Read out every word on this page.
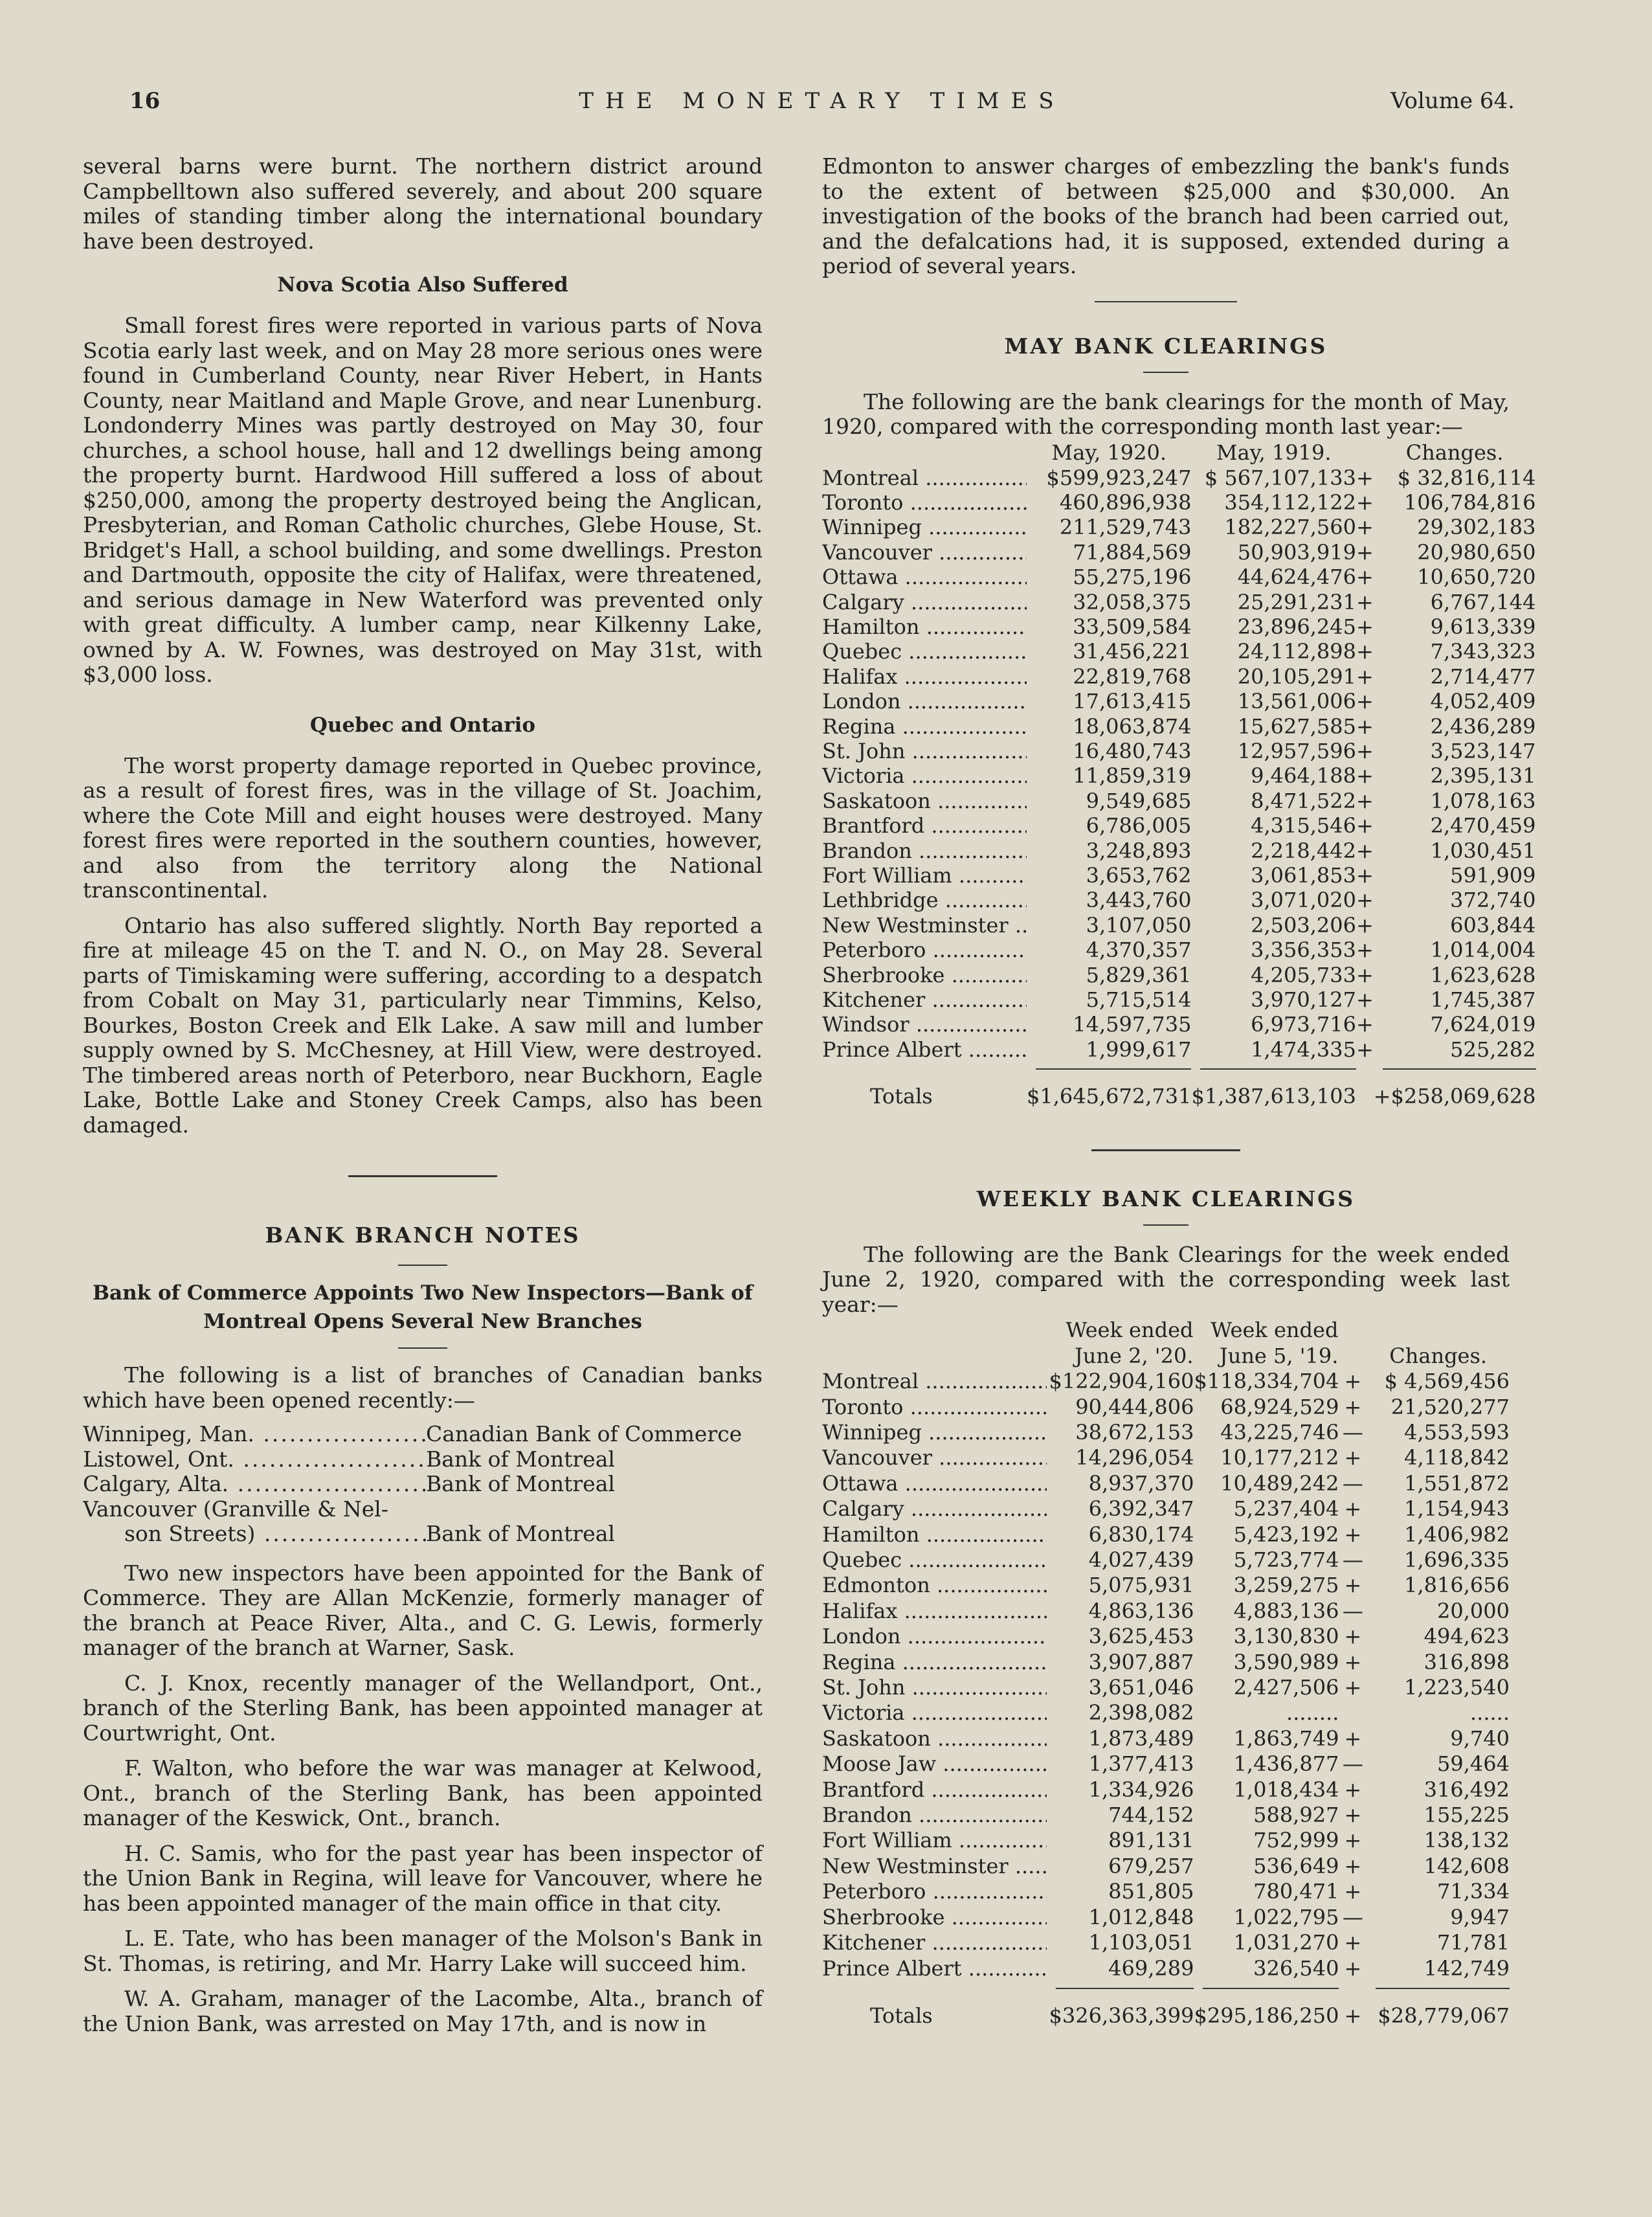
16	THE MONETARY TIMES	Volume 64.

several barns were burnt. The northern district around Campbelltown also suffered severely, and about 200 square miles of standing timber along the international boundary have been destroyed.

Nova Scotia Also Suffered

Small forest fires were reported in various parts of Nova Scotia early last week, and on May 28 more serious ones were found in Cumberland County, near River Hebert, in Hants County, near Maitland and Maple Grove, and near Lunenburg. Londonderry Mines was partly destroyed on May 30, four churches, a school house, hall and 12 dwellings being among the property burnt. Hardwood Hill suffered a loss of about $250,000, among the property destroyed being the Anglican, Presbyterian, and Roman Catholic churches, Glebe House, St. Bridget's Hall, a school building, and some dwellings. Preston and Dartmouth, opposite the city of Halifax, were threatened, and serious damage in New Waterford was prevented only with great difficulty. A lumber camp, near Kilkenny Lake, owned by A. W. Fownes, was destroyed on May 31st, with $3,000 loss.

Quebec and Ontario

The worst property damage reported in Quebec province, as a result of forest fires, was in the village of St. Joachim, where the Cote Mill and eight houses were destroyed. Many forest fires were reported in the southern counties, however, and also from the territory along the National transcontinental.

Ontario has also suffered slightly. North Bay reported a fire at mileage 45 on the T. and N. O., on May 28. Several parts of Timiskaming were suffering, according to a despatch from Cobalt on May 31, particularly near Timmins, Kelso, Bourkes, Boston Creek and Elk Lake. A saw mill and lumber supply owned by S. McChesney, at Hill View, were destroyed. The timbered areas north of Peterboro, near Buckhorn, Eagle Lake, Bottle Lake and Stoney Creek Camps, also has been damaged.

BANK BRANCH NOTES
Bank of Commerce Appoints Two New Inspectors—Bank of
Montreal Opens Several New Branches

The following is a list of branches of Canadian banks which have been opened recently:—

Winnipeg, Man. .....	Canadian Bank of Commerce
Listowel, Ont. .....	Bank of Montreal
Calgary, Alta. .....	Bank of Montreal
Vancouver (Granville & Nel-
son Streets) .....	Bank of Montreal

Two new inspectors have been appointed for the Bank of Commerce. They are Allan McKenzie, formerly manager of the branch at Peace River, Alta., and C. G. Lewis, formerly manager of the branch at Warner, Sask.

C. J. Knox, recently manager of the Wellandport, Ont., branch of the Sterling Bank, has been appointed manager at Courtwright, Ont.

F. Walton, who before the war was manager at Kelwood, Ont., branch of the Sterling Bank, has been appointed manager of the Keswick, Ont., branch.

H. C. Samis, who for the past year has been inspector of the Union Bank in Regina, will leave for Vancouver, where he has been appointed manager of the main office in that city.

L. E. Tate, who has been manager of the Molson's Bank in St. Thomas, is retiring, and Mr. Harry Lake will succeed him.

W. A. Graham, manager of the Lacombe, Alta., branch of the Union Bank, was arrested on May 17th, and is now in

Edmonton to answer charges of embezzling the bank's funds to the extent of between $25,000 and $30,000. An investigation of the books of the branch had been carried out, and the defalcations had, it is supposed, extended during a period of several years.

MAY BANK CLEARINGS

The following are the bank clearings for the month of May, 1920, compared with the corresponding month last year:—

	May, 1920.	May, 1919.		Changes.
Montreal .....	$599,923,247	$ 567,107,133	+	$ 32,816,114
Toronto .....	460,896,938	354,112,122	+	106,784,816
Winnipeg .....	211,529,743	182,227,560	+	29,302,183
Vancouver .....	71,884,569	50,903,919	+	20,980,650
Ottawa .....	55,275,196	44,624,476	+	10,650,720
Calgary .....	32,058,375	25,291,231	+	6,767,144
Hamilton .....	33,509,584	23,896,245	+	9,613,339
Quebec .....	31,456,221	24,112,898	+	7,343,323
Halifax .....	22,819,768	20,105,291	+	2,714,477
London .....	17,613,415	13,561,006	+	4,052,409
Regina .....	18,063,874	15,627,585	+	2,436,289
St. John .....	16,480,743	12,957,596	+	3,523,147
Victoria .....	11,859,319	9,464,188	+	2,395,131
Saskatoon .....	9,549,685	8,471,522	+	1,078,163
Brantford .....	6,786,005	4,315,546	+	2,470,459
Brandon .....	3,248,893	2,218,442	+	1,030,451
Fort William .....	3,653,762	3,061,853	+	591,909
Lethbridge .....	3,443,760	3,071,020	+	372,740
New Westminster .....	3,107,050	2,503,206	+	603,844
Peterboro .....	4,370,357	3,356,353	+	1,014,004
Sherbrooke .....	5,829,361	4,205,733	+	1,623,628
Kitchener .....	5,715,514	3,970,127	+	1,745,387
Windsor .....	14,597,735	6,973,716	+	7,624,019
Prince Albert .....	1,999,617	1,474,335	+	525,282

Totals	$1,645,672,731	$1,387,613,103		+$258,069,628
WEEKLY BANK CLEARINGS

The following are the Bank Clearings for the week ended June 2, 1920, compared with the corresponding week last year:—

	Week ended	Week ended		
	June 2, '20.	June 5, '19.		Changes.
Montreal .....	$122,904,160	$118,334,704	+	$ 4,569,456
Toronto .....	90,444,806	68,924,529	+	21,520,277
Winnipeg .....	38,672,153	43,225,746	—	4,553,593
Vancouver .....	14,296,054	10,177,212	+	4,118,842
Ottawa .....	8,937,370	10,489,242	—	1,551,872
Calgary .....	6,392,347	5,237,404	+	1,154,943
Hamilton .....	6,830,174	5,423,192	+	1,406,982
Quebec .....	4,027,439	5,723,774	—	1,696,335
Edmonton .....	5,075,931	3,259,275	+	1,816,656
Halifax .....	4,863,136	4,883,136	—	20,000
London .....	3,625,453	3,130,830	+	494,623
Regina .....	3,907,887	3,590,989	+	316,898
St. John .....	3,651,046	2,427,506	+	1,223,540
Victoria .....	2,398,082	........		......
Saskatoon .....	1,873,489	1,863,749	+	9,740
Moose Jaw .....	1,377,413	1,436,877	—	59,464
Brantford .....	1,334,926	1,018,434	+	316,492
Brandon .....	744,152	588,927	+	155,225
Fort William .....	891,131	752,999	+	138,132
New Westminster .....	679,257	536,649	+	142,608
Peterboro .....	851,805	780,471	+	71,334
Sherbrooke .....	1,012,848	1,022,795	—	9,947
Kitchener .....	1,103,051	1,031,270	+	71,781
Prince Albert .....	469,289	326,540	+	142,749

Totals	$326,363,399	$295,186,250	+	$28,779,067
